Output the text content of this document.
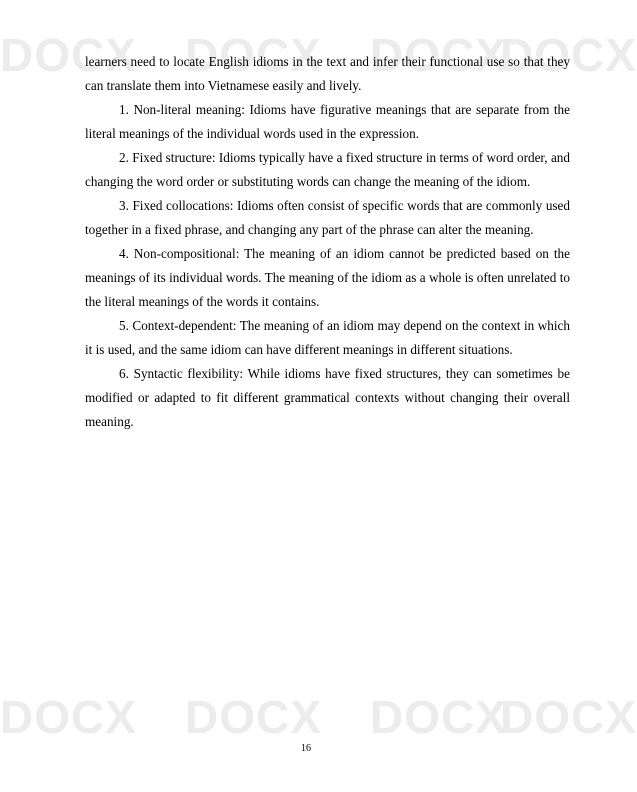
DOCX DOCX DOCX
DOCX
DOCX DOCX DOCX
DOCX

learners need to locate English idioms in the text and infer their functional use so that they can translate them into Vietnamese easily and lively.

1. Non-literal meaning: Idioms have figurative meanings that are separate from the literal meanings of the individual words used in the expression.

2. Fixed structure: Idioms typically have a fixed structure in terms of word order, and changing the word order or substituting words can change the meaning of the idiom.

3. Fixed collocations: Idioms often consist of specific words that are commonly used together in a fixed phrase, and changing any part of the phrase can alter the meaning.

4. Non-compositional: The meaning of an idiom cannot be predicted based on the meanings of its individual words. The meaning of the idiom as a whole is often unrelated to the literal meanings of the words it contains.

5. Context-dependent: The meaning of an idiom may depend on the context in which it is used, and the same idiom can have different meanings in different situations.

6. Syntactic flexibility: While idioms have fixed structures, they can sometimes be modified or adapted to fit different grammatical contexts without changing their overall meaning.

16
